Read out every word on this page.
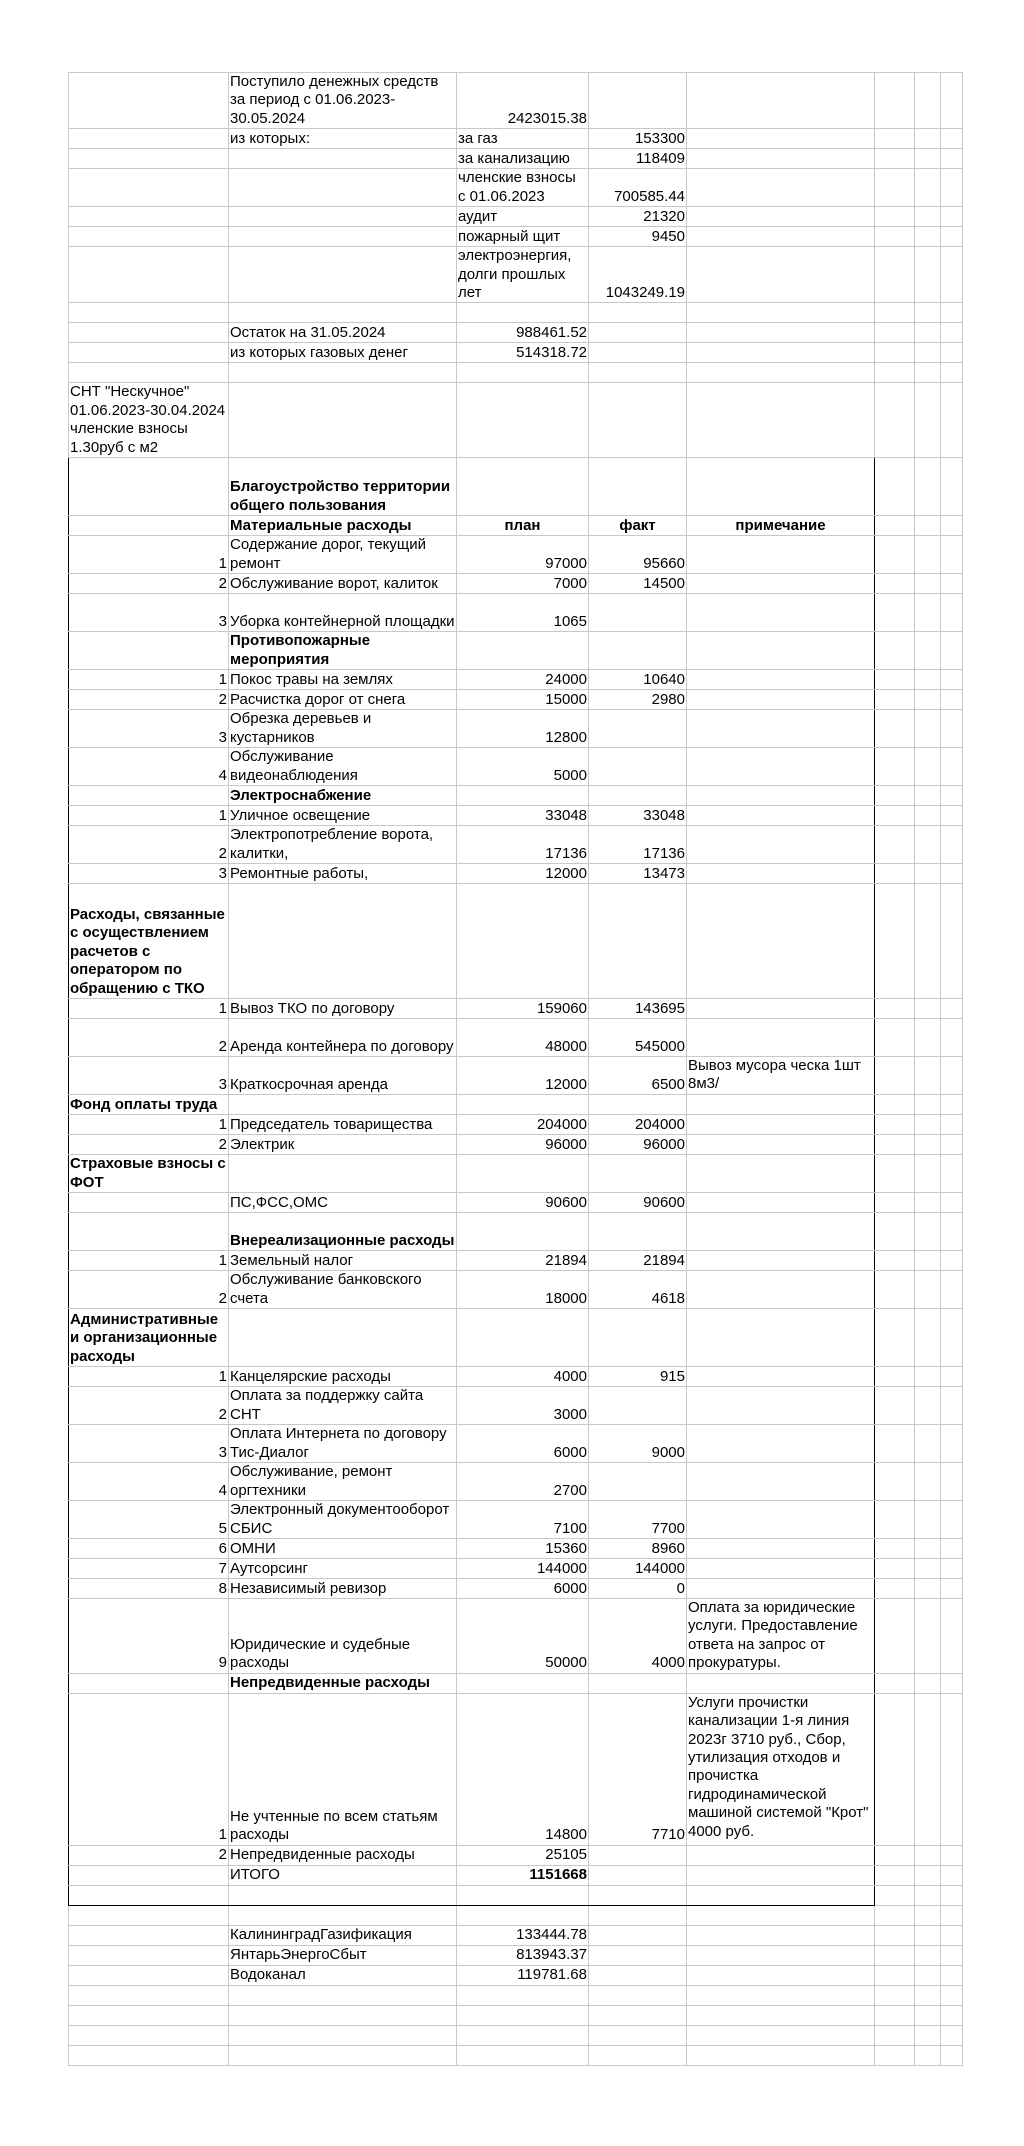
	Поступило денежных средств за период с 01.06.2023-30.05.2024	2423015.38					
	из которых:	за газ	153300				
		за канализацию	118409				
		членские взносы с 01.06.2023	700585.44				
		аудит	21320				
		пожарный щит	9450				
		электроэнергия, долги прошлых лет	1043249.19				

	Остаток на 31.05.2024	988461.52					
	из которых газовых денег	514318.72					

СНТ "Нескучное" 01.06.2023-30.04.2024 членские взносы 1.30руб с м2							
	Благоустройство территории общего пользования						
	Материальные расходы	план	факт	примечание			
1	Содержание дорог, текущий ремонт	97000	95660				
2	Обслуживание ворот, калиток	7000	14500				
3	Уборка контейнерной площадки	1065					
	Противопожарные мероприятия						
1	Покос травы на землях	24000	10640				
2	Расчистка дорог от снега	15000	2980				
3	Обрезка деревьев и кустарников	12800					
4	Обслуживание видеонаблюдения	5000					
	Электроснабжение						
1	Уличное освещение	33048	33048				
2	Электропотребление ворота, калитки,	17136	17136				
3	Ремонтные работы,	12000	13473				
Расходы, связанные с осуществлением расчетов с оператором по обращению с ТКО							
1	Вывоз ТКО по договору	159060	143695				
2	Аренда контейнера по договору	48000	545000				
3	Краткосрочная аренда	12000	6500	Вывоз мусора ческа 1шт 8м3/			
Фонд оплаты труда							
1	Председатель товарищества	204000	204000				
2	Электрик	96000	96000				
Страховые взносы с ФОТ							
	ПС,ФСС,ОМС	90600	90600				
	Внереализационные расходы						
1	Земельный налог	21894	21894				
2	Обслуживание банковского счета	18000	4618				
Административные и организационные расходы							
1	Канцелярские расходы	4000	915				
2	Оплата за поддержку сайта СНТ	3000					
3	Оплата Интернета по договору Тис-Диалог	6000	9000				
4	Обслуживание, ремонт оргтехники	2700					
5	Электронный документооборот СБИС	7100	7700				
6	ОМНИ	15360	8960				
7	Аутсорсинг	144000	144000				
8	Независимый ревизор	6000	0				
9	Юридические и судебные расходы	50000	4000	Оплата за юридические услуги. Предоставление ответа на запрос от прокуратуры.			
	Непредвиденные расходы						
1	Не учтенные по всем статьям расходы	14800	7710	Услуги прочистки канализации 1-я линия 2023г 3710 руб., Сбор, утилизация отходов и прочистка гидродинамической машиной системой "Крот" 4000 руб.			
2	Непредвиденные расходы	25105					
	ИТОГО	1151668					

	КалининградГазификация	133444.78					
	ЯнтарьЭнергоСбыт	813943.37					
	Водоканал	119781.68					
